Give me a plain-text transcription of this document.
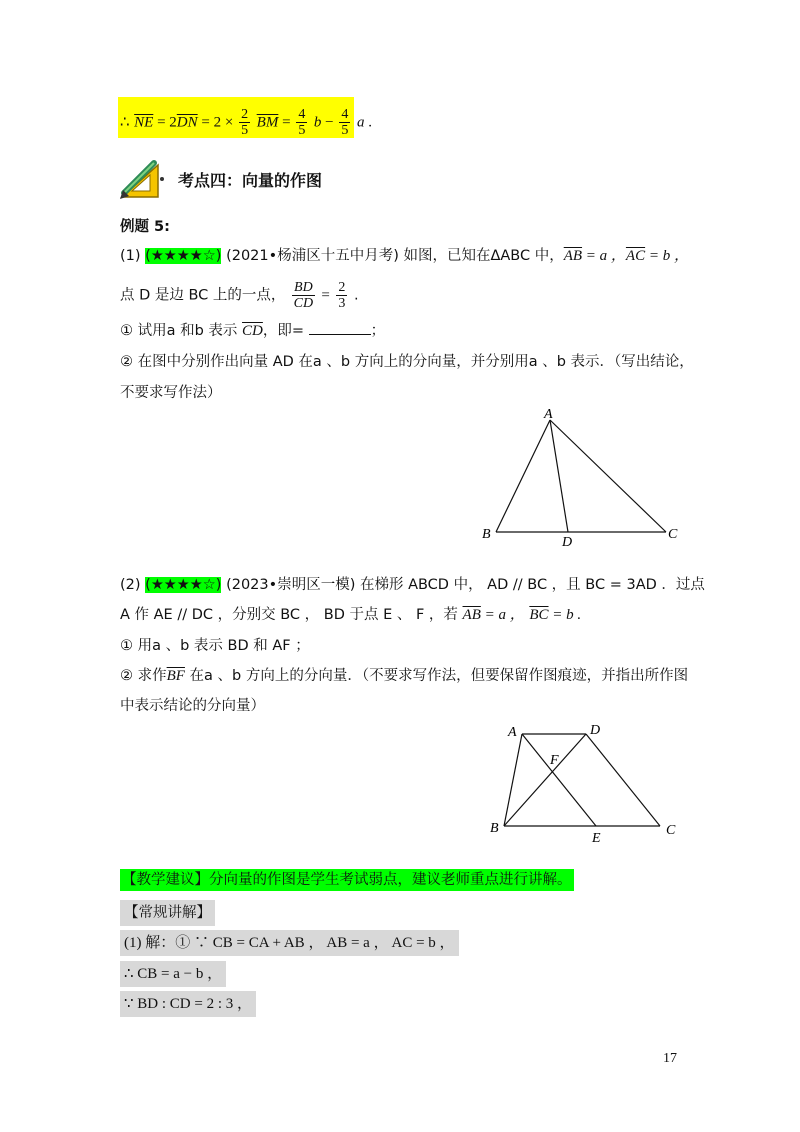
∴ $\overline{NE} = 2\overline{DN} = 2 \times \frac{2}{5} \overline{BM} = \frac{4}{5}$ $b - \frac{4}{5}$ a .
考点四：向量的作图
例题 5:
(1) (★★★★☆) (2021•杨浦区十五中月考) 如图，已知在ΔABC 中，$\overline{AB} = a$ ，$\overline{AC} = b$ ，
点 D 是边 BC 上的一点， $\frac{BD}{CD} = \frac{2}{3}$ .
① 试用a 和b 表示 $\overline{CD}$，即=	；
② 在图中分别作出向量 AD 在a 、b 方向上的分向量，并分别用a 、b 表示．（写出结论，
不要求写作法）
A
B	C
D
(2) (★★★★☆) (2023•崇明区一模) 在梯形 ABCD 中， AD // BC ，且 BC = 3AD ．过点
A 作 AE // DC ，分别交 BC ， BD 于点 E 、 F ，若 $\overline{AB} = a$ ， $\overline{BC} = b$ .
① 用a 、b 表示 BD 和 AF ；
② 求作$\overline{BF}$ 在a 、b 方向上的分向量．（不要求写作法，但要保留作图痕迹，并指出所作图
中表示结论的分向量）
A	D
F
B
E
C
【教学建议】分向量的作图是学生考试弱点，建议老师重点进行讲解。
【常规讲解】
(1) 解：① ∵ CB = CA + AB ， AB = a ， AC = b ，
∴ CB = a − b ，
∵ BD : CD = 2 : 3 ，
17
